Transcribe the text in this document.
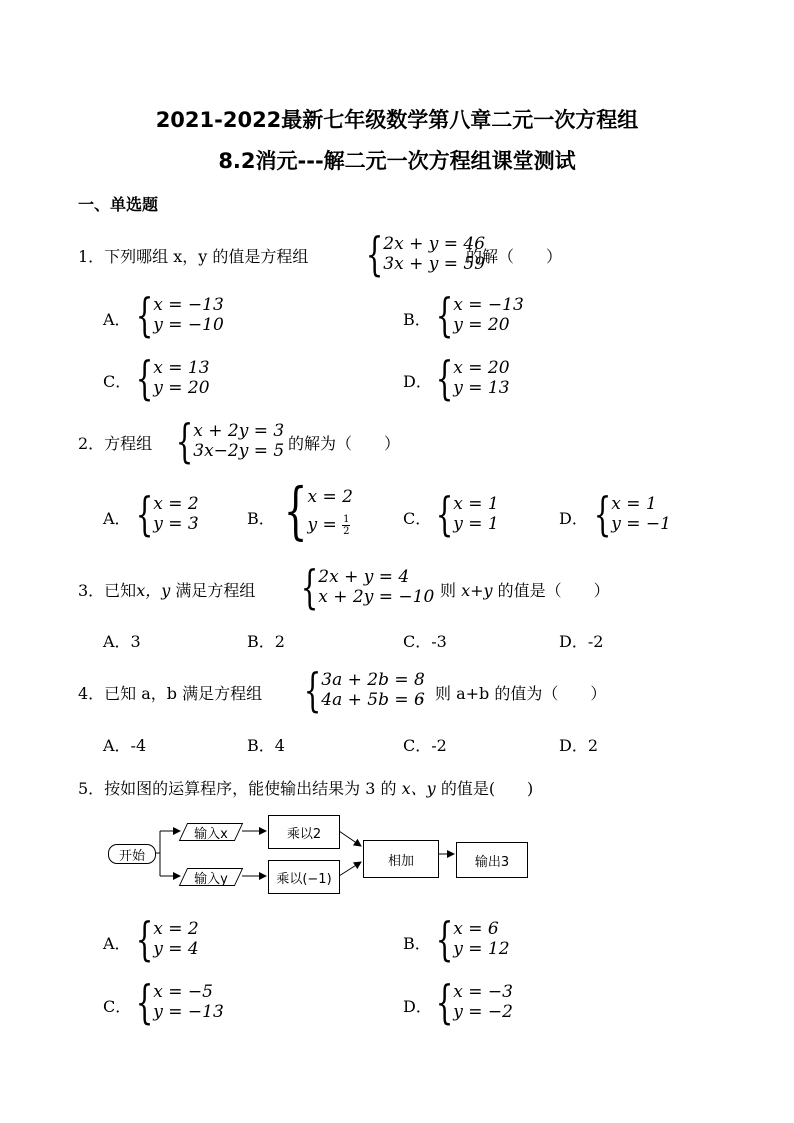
2021-2022最新七年级数学第八章二元一次方程组
8.2消元---解二元一次方程组课堂测试
一、单选题
1．下列哪组 x，y 的值是方程组 { 2x + y = 46
3x + y = 59
的解（　　）
A． { x = −13
y = −10	B． { x = −13
y = 20
C． { x = 13
y = 20	D． { x = 20
y = 13
2．方程组 { x + 2y = 3
3x−2y = 5 的解为（　　）
A． { x = 2
y = 3	B． { x = 2
$y = \frac{1}{2}$	C． { x = 1
y = 1	D． { x = 1
y = −1
3．已知x，y 满足方程组 { 2x + y = 4
x + 2y = −10 则 x+y 的值是（　　）
A．3	B．2	C．-3	D．-2
4．已知 a，b 满足方程组 { 3a + 2b = 8
4a + 5b = 6
，则 a+b 的值为（　　）
A．-4	B．4	C．-2	D．2
5．按如图的运算程序，能使输出结果为 3 的 x、y 的值是(　　)
开始
输入x
输入y
乘以2
乘以(−1)
相加	输出3
A． { x = 2
y = 4	B． { x = 6
y = 12
C． { x = −5
y = −13	D． { x = −3
y = −2
